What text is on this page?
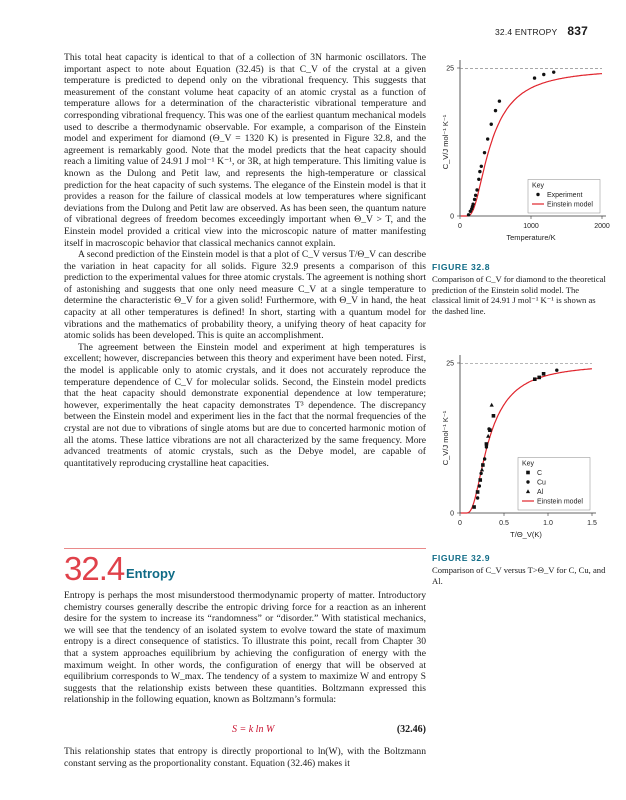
32.4 ENTROPY 837

This total heat capacity is identical to that of a collection of 3N harmonic oscillators. The important aspect to note about Equation (32.45) is that C_V of the crystal at a given temperature is predicted to depend only on the vibrational frequency. This suggests that measurement of the constant volume heat capacity of an atomic crystal as a function of temperature allows for a determination of the characteristic vibrational temperature and corresponding vibrational frequency. This was one of the earliest quantum mechanical models used to describe a thermodynamic observable. For example, a comparison of the Einstein model and experiment for diamond (Θ_V = 1320 K) is presented in Figure 32.8, and the agreement is remarkably good. Note that the model predicts that the heat capacity should reach a limiting value of 24.91 J mol⁻¹ K⁻¹, or 3R, at high temperature. This limiting value is known as the Dulong and Petit law, and represents the high-temperature or classical prediction for the heat capacity of such systems. The elegance of the Einstein model is that it provides a reason for the failure of classical models at low temperatures where significant deviations from the Dulong and Petit law are observed. As has been seen, the quantum nature of vibrational degrees of freedom becomes exceedingly important when Θ_V > T, and the Einstein model provided a critical view into the microscopic nature of matter manifesting itself in macroscopic behavior that classical mechanics cannot explain.

A second prediction of the Einstein model is that a plot of C_V versus T/Θ_V can describe the variation in heat capacity for all solids. Figure 32.9 presents a comparison of this prediction to the experimental values for three atomic crystals. The agreement is nothing short of astonishing and suggests that one only need measure C_V at a single temperature to determine the characteristic Θ_V for a given solid! Furthermore, with Θ_V in hand, the heat capacity at all other temperatures is defined! In short, starting with a quantum model for vibrations and the mathematics of probability theory, a unifying theory of heat capacity for atomic solids has been developed. This is quite an accomplishment.

The agreement between the Einstein model and experiment at high temperatures is excellent; however, discrepancies between this theory and experiment have been noted. First, the model is applicable only to atomic crystals, and it does not accurately reproduce the temperature dependence of C_V for molecular solids. Second, the Einstein model predicts that the heat capacity should demonstrate exponential dependence at low temperature; however, experimentally the heat capacity demonstrates T³ dependence. The discrepancy between the Einstein model and experiment lies in the fact that the normal frequencies of the crystal are not due to vibrations of single atoms but are due to concerted harmonic motion of all the atoms. These lattice vibrations are not all characterized by the same frequency. More advanced treatments of atomic crystals, such as the Debye model, are capable of quantitatively reproducing crystalline heat capacities.

32.4 Entropy

Entropy is perhaps the most misunderstood thermodynamic property of matter. Introductory chemistry courses generally describe the entropic driving force for a reaction as an inherent desire for the system to increase its “randomness” or “disorder.” With statistical mechanics, we will see that the tendency of an isolated system to evolve toward the state of maximum entropy is a direct consequence of statistics. To illustrate this point, recall from Chapter 30 that a system approaches equilibrium by achieving the configuration of energy with the maximum weight. In other words, the configuration of energy that will be observed at equilibrium corresponds to W_max. The tendency of a system to maximize W and entropy S suggests that the relationship exists between these quantities. Boltzmann expressed this relationship in the following equation, known as Boltzmann’s formula:

S = k ln W	(32.46)

This relationship states that entropy is directly proportional to ln(W), with the Boltzmann constant serving as the proportionality constant. Equation (32.46) makes it

0	1000	2000
0
25
Temperature/K
C_V/J mol⁻¹ K⁻¹
Key
Experiment
Einstein model
FIGURE 32.8
Comparison of C_V for diamond to the theoretical prediction of the Einstein solid model. The classical limit of 24.91 J mol⁻¹ K⁻¹ is shown as the dashed line.
0	0.5	1.0	1.5
0
25
T/Θ_V(K)
C_V/J mol⁻¹ K⁻¹	Key
C
Cu
Al
Einstein model
FIGURE 32.9
Comparison of C_V versus T>Θ_V for C, Cu, and Al.
